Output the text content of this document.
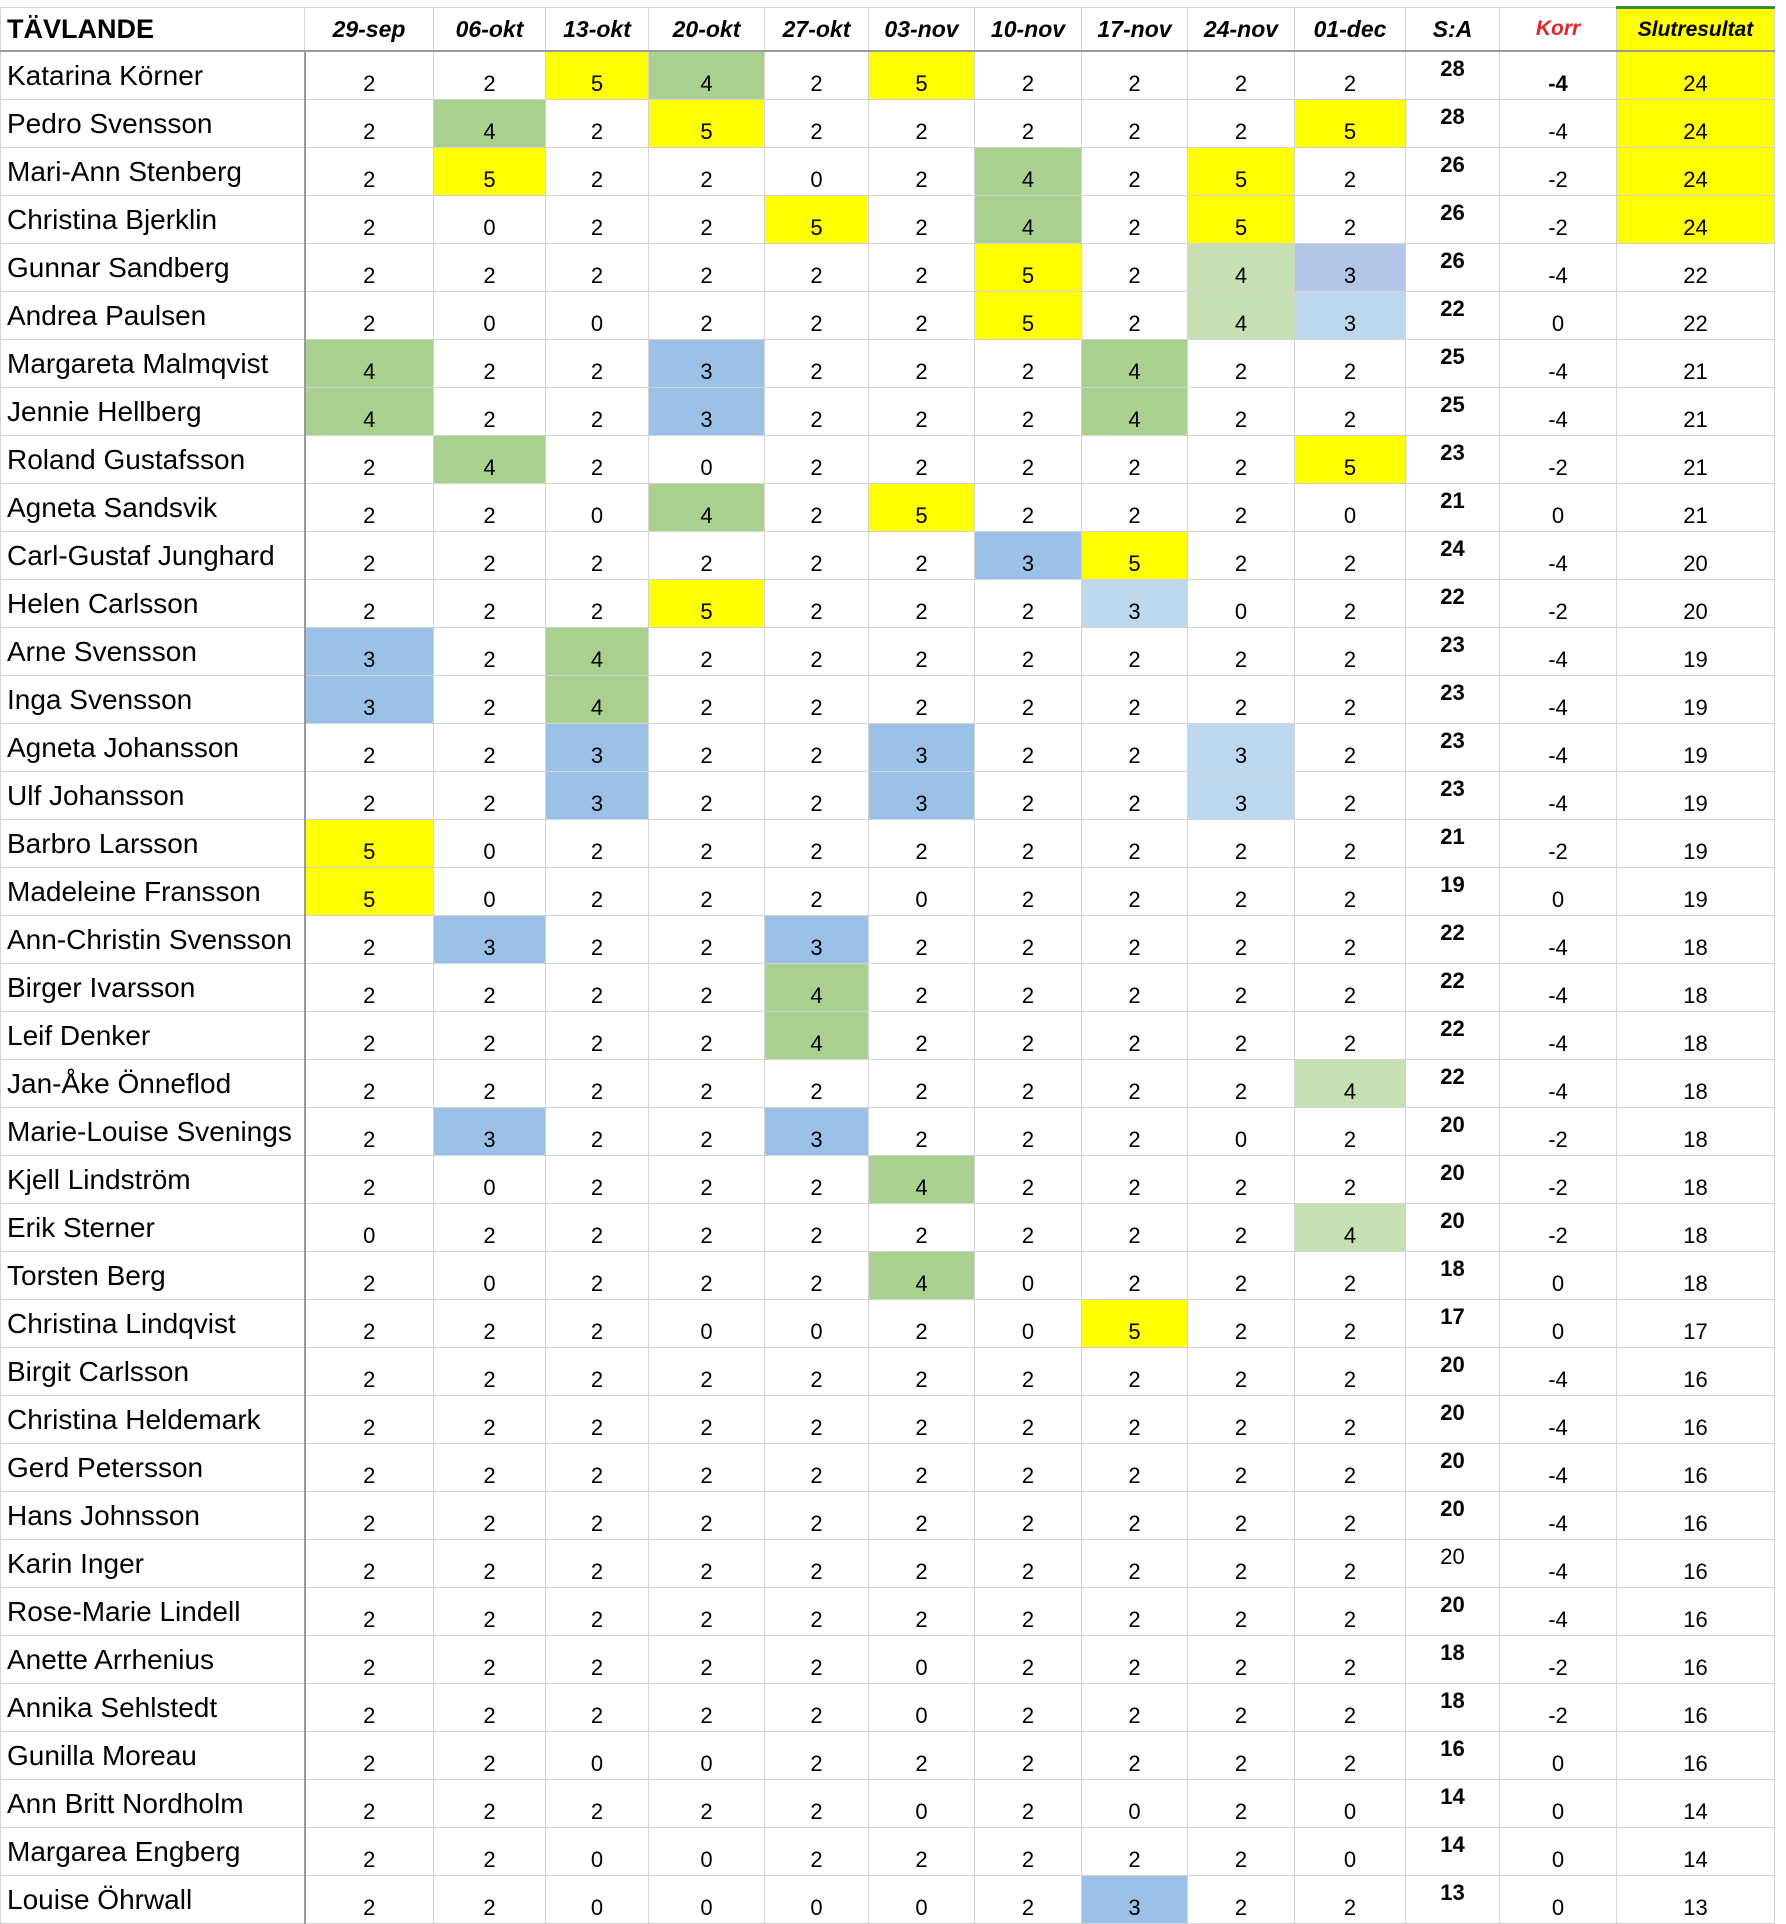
TÄVLANDE	29-sep	06-okt	13-okt	20-okt	27-okt	03-nov	10-nov	17-nov	24-nov	01-dec	S:A	Korr	Slutresultat
Katarina Körner	2	2	5	4	2	5	2	2	2	2	28	-4	24
Pedro Svensson	2	4	2	5	2	2	2	2	2	5	28	-4	24
Mari-Ann Stenberg	2	5	2	2	0	2	4	2	5	2	26	-2	24
Christina Bjerklin	2	0	2	2	5	2	4	2	5	2	26	-2	24
Gunnar Sandberg	2	2	2	2	2	2	5	2	4	3	26	-4	22
Andrea Paulsen	2	0	0	2	2	2	5	2	4	3	22	0	22
Margareta Malmqvist	4	2	2	3	2	2	2	4	2	2	25	-4	21
Jennie Hellberg	4	2	2	3	2	2	2	4	2	2	25	-4	21
Roland Gustafsson	2	4	2	0	2	2	2	2	2	5	23	-2	21
Agneta Sandsvik	2	2	0	4	2	5	2	2	2	0	21	0	21
Carl-Gustaf Junghard	2	2	2	2	2	2	3	5	2	2	24	-4	20
Helen Carlsson	2	2	2	5	2	2	2	3	0	2	22	-2	20
Arne Svensson	3	2	4	2	2	2	2	2	2	2	23	-4	19
Inga Svensson	3	2	4	2	2	2	2	2	2	2	23	-4	19
Agneta Johansson	2	2	3	2	2	3	2	2	3	2	23	-4	19
Ulf Johansson	2	2	3	2	2	3	2	2	3	2	23	-4	19
Barbro Larsson	5	0	2	2	2	2	2	2	2	2	21	-2	19
Madeleine Fransson	5	0	2	2	2	0	2	2	2	2	19	0	19
Ann-Christin Svensson	2	3	2	2	3	2	2	2	2	2	22	-4	18
Birger Ivarsson	2	2	2	2	4	2	2	2	2	2	22	-4	18
Leif Denker	2	2	2	2	4	2	2	2	2	2	22	-4	18
Jan-Åke Önneflod	2	2	2	2	2	2	2	2	2	4	22	-4	18
Marie-Louise Svenings	2	3	2	2	3	2	2	2	0	2	20	-2	18
Kjell Lindström	2	0	2	2	2	4	2	2	2	2	20	-2	18
Erik Sterner	0	2	2	2	2	2	2	2	2	4	20	-2	18
Torsten Berg	2	0	2	2	2	4	0	2	2	2	18	0	18
Christina Lindqvist	2	2	2	0	0	2	0	5	2	2	17	0	17
Birgit Carlsson	2	2	2	2	2	2	2	2	2	2	20	-4	16
Christina Heldemark	2	2	2	2	2	2	2	2	2	2	20	-4	16
Gerd Petersson	2	2	2	2	2	2	2	2	2	2	20	-4	16
Hans Johnsson	2	2	2	2	2	2	2	2	2	2	20	-4	16
Karin Inger	2	2	2	2	2	2	2	2	2	2	20	-4	16
Rose-Marie Lindell	2	2	2	2	2	2	2	2	2	2	20	-4	16
Anette Arrhenius	2	2	2	2	2	0	2	2	2	2	18	-2	16
Annika Sehlstedt	2	2	2	2	2	0	2	2	2	2	18	-2	16
Gunilla Moreau	2	2	0	0	2	2	2	2	2	2	16	0	16
Ann Britt Nordholm	2	2	2	2	2	0	2	0	2	0	14	0	14
Margarea Engberg	2	2	0	0	2	2	2	2	2	0	14	0	14
Louise Öhrwall	2	2	0	0	0	0	2	3	2	2	13	0	13
